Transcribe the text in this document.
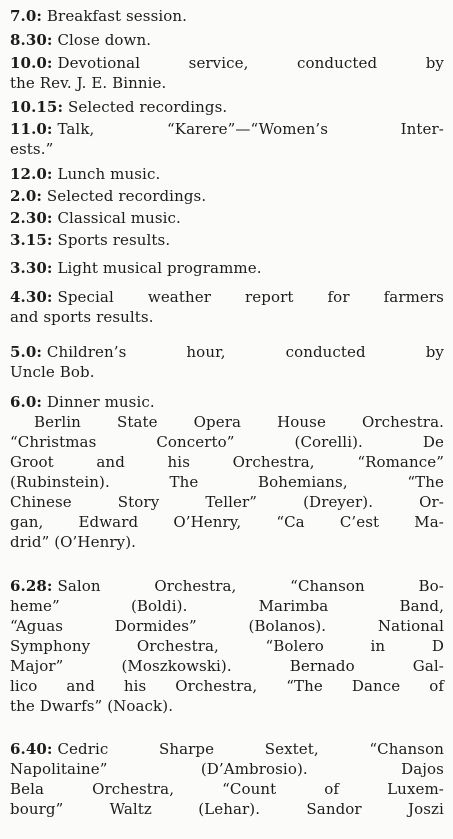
7.0: Breakfast session.
8.30: Close down.
10.0: Devotional	service,	conducted	by
the Rev. J. E. Binnie.
10.15: Selected recordings.
11.0: Talk,	“Karere”—“Women’s	Inter-
ests.”
12.0: Lunch music.
2.0: Selected recordings.
2.30: Classical music.
3.15: Sports results.
3.30: Light musical programme.
4.30: Special weather report for farmers
and sports results.
5.0: Children’s	hour,	conducted	by
Uncle Bob.
6.0: Dinner music.
Berlin State Opera House Orchestra.
“Christmas	Concerto”	(Corelli).	De
Groot	and	his	Orchestra,	“Romance”
(Rubinstein).	The	Bohemians,	“The
Chinese	Story	Teller”	(Dreyer).	Or-
gan, Edward O’Henry, “Ca C’est Ma-
drid” (O’Henry).
6.28: Salon	Orchestra,	“Chanson	Bo-
heme”	(Boldi).	Marimba	Band,
“Aguas	Dormides”	(Bolanos).	National
Symphony	Orchestra,	“Bolero	in	D
Major”	(Moszkowski).	Bernado	Gal-
lico and his Orchestra, “The Dance of
the Dwarfs” (Noack).
6.40: Cedric	Sharpe	Sextet,	“Chanson
Napolitaine”	(D’Ambrosio).	Dajos
Bela	Orchestra,	“Count	of	Luxem-
bourg”	Waltz	(Lehar).	Sandor	Joszi
